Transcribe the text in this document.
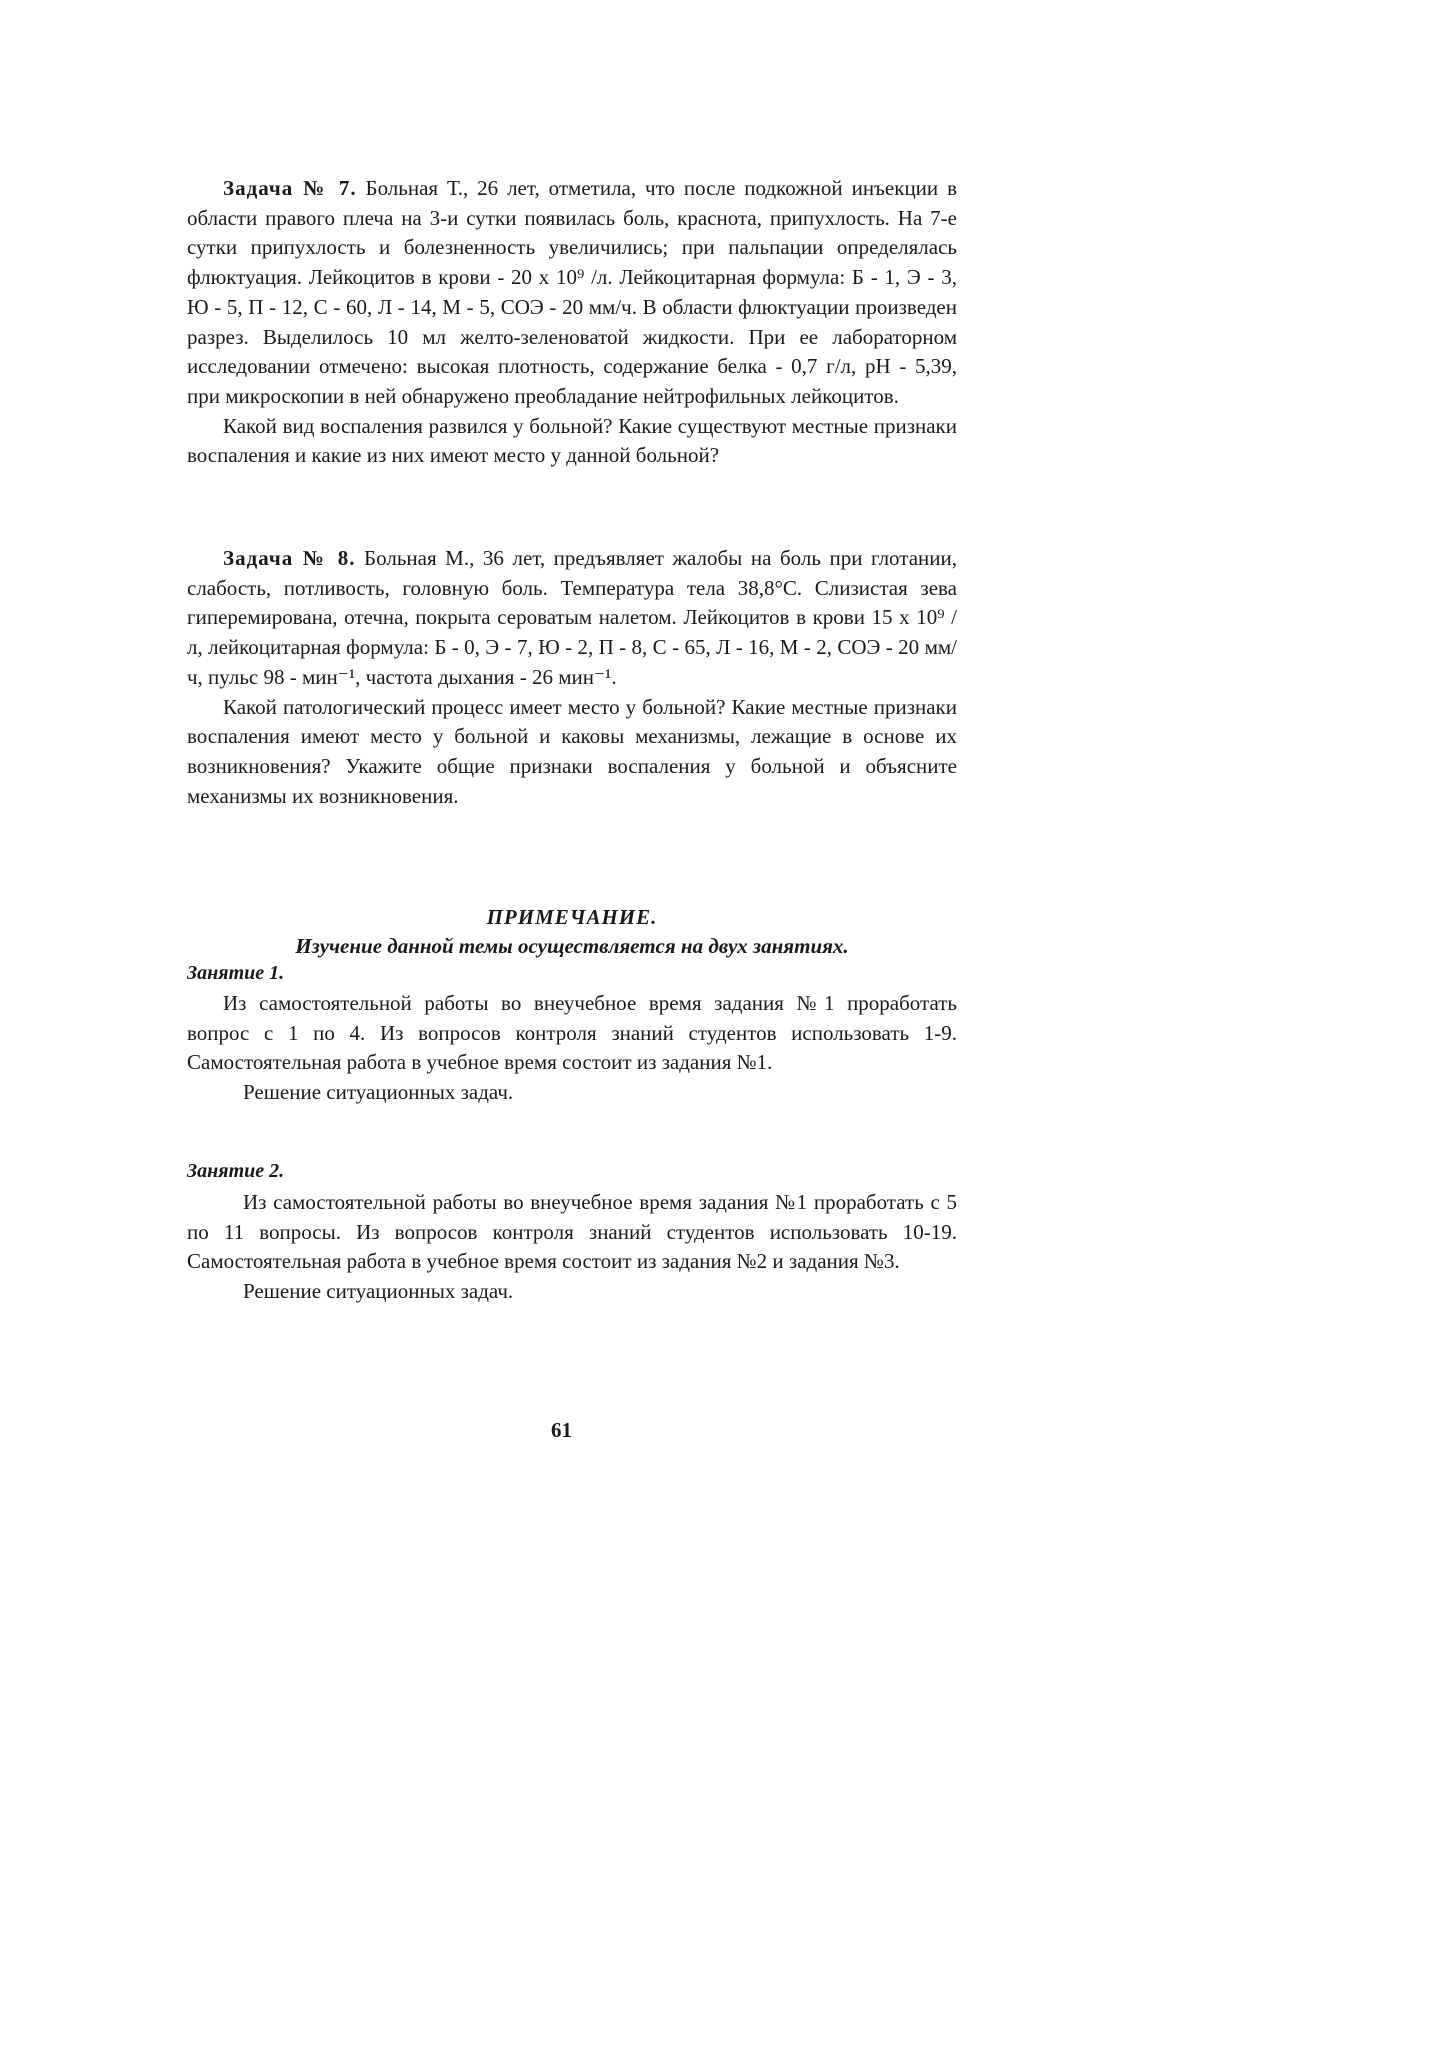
Задача № 7. Больная Т., 26 лет, отметила, что после подкожной инъекции в области правого плеча на 3-и сутки появилась боль, краснота, припухлость. На 7-е сутки припухлость и болезненность увеличились; при пальпации определялась флюктуация. Лейкоцитов в крови - 20 х 10⁹ /л. Лейкоцитарная формула: Б - 1, Э - 3, Ю - 5, П - 12, С - 60, Л - 14, М - 5, СОЭ - 20 мм/ч. В области флюктуации произведен разрез. Выделилось 10 мл желто-зеленоватой жидкости. При ее лабораторном исследовании отмечено: высокая плотность, содержание белка - 0,7 г/л, pH - 5,39, при микроскопии в ней обнаружено преобладание нейтрофильных лейкоцитов.

Какой вид воспаления развился у больной? Какие существуют местные признаки воспаления и какие из них имеют место у данной больной?

Задача № 8. Больная М., 36 лет, предъявляет жалобы на боль при глотании, слабость, потливость, головную боль. Температура тела 38,8°С. Слизистая зева гиперемирована, отечна, покрыта сероватым налетом. Лейкоцитов в крови 15 х 10⁹ /л, лейкоцитарная формула: Б - 0, Э - 7, Ю - 2, П - 8, С - 65, Л - 16, М - 2, СОЭ - 20 мм/ч, пульс 98 - мин⁻¹, частота дыхания - 26 мин⁻¹.

Какой патологический процесс имеет место у больной? Какие местные признаки воспаления имеют место у больной и каковы механизмы, лежащие в основе их возникновения? Укажите общие признаки воспаления у больной и объясните механизмы их возникновения.

ПРИМЕЧАНИЕ.
Изучение данной темы осуществляется на двух занятиях.
Занятие 1.

Из самостоятельной работы во внеучебное время задания №1 проработать вопрос с 1 по 4. Из вопросов контроля знаний студентов использовать 1-9. Самостоятельная работа в учебное время состоит из задания №1.

Решение ситуационных задач.

Занятие 2.

Из самостоятельной работы во внеучебное время задания №1 проработать с 5 по 11 вопросы. Из вопросов контроля знаний студентов использовать 10-19. Самостоятельная работа в учебное время состоит из задания №2 и задания №3.

Решение ситуационных задач.

61
